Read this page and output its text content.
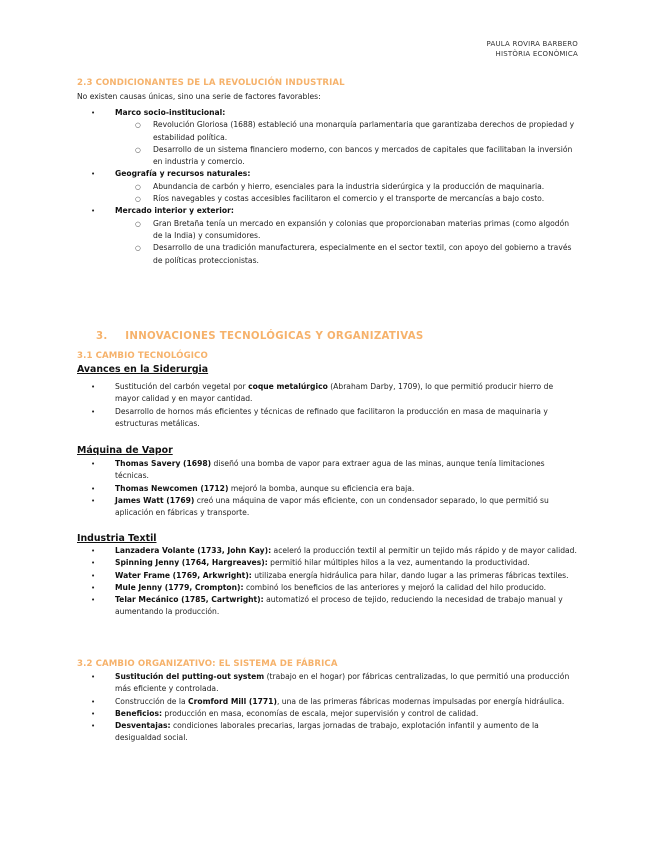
PAULA ROVIRA BARBERO
HISTÒRIA ECONÒMICA
2.3 CONDICIONANTES DE LA REVOLUCIÓN INDUSTRIAL
No existen causas únicas, sino una serie de factores favorables:
• Marco socio-institucional:
○ Revolución Gloriosa (1688) estableció una monarquía parlamentaria que garantizaba derechos de propiedad y estabilidad política.
○ Desarrollo de un sistema financiero moderno, con bancos y mercados de capitales que facilitaban la inversión en industria y comercio.
• Geografía y recursos naturales:
○ Abundancia de carbón y hierro, esenciales para la industria siderúrgica y la producción de maquinaria.
○ Ríos navegables y costas accesibles facilitaron el comercio y el transporte de mercancías a bajo costo.
• Mercado interior y exterior:
○ Gran Bretaña tenía un mercado en expansión y colonias que proporcionaban materias primas (como algodón de la India) y consumidores.
○ Desarrollo de una tradición manufacturera, especialmente en el sector textil, con apoyo del gobierno a través de políticas proteccionistas.
3. INNOVACIONES TECNOLÓGICAS Y ORGANIZATIVAS
3.1 CAMBIO TECNOLÓGICO
Avances en la Siderurgia
• Sustitución del carbón vegetal por coque metalúrgico (Abraham Darby, 1709), lo que permitió producir hierro de mayor calidad y en mayor cantidad.
• Desarrollo de hornos más eficientes y técnicas de refinado que facilitaron la producción en masa de maquinaria y estructuras metálicas.
Máquina de Vapor
• Thomas Savery (1698) diseñó una bomba de vapor para extraer agua de las minas, aunque tenía limitaciones técnicas.
• Thomas Newcomen (1712) mejoró la bomba, aunque su eficiencia era baja.
• James Watt (1769) creó una máquina de vapor más eficiente, con un condensador separado, lo que permitió su aplicación en fábricas y transporte.
Industria Textil
• Lanzadera Volante (1733, John Kay): aceleró la producción textil al permitir un tejido más rápido y de mayor calidad.
• Spinning Jenny (1764, Hargreaves): permitió hilar múltiples hilos a la vez, aumentando la productividad.
• Water Frame (1769, Arkwright): utilizaba energía hidráulica para hilar, dando lugar a las primeras fábricas textiles.
• Mule Jenny (1779, Crompton): combinó los beneficios de las anteriores y mejoró la calidad del hilo producido.
• Telar Mecánico (1785, Cartwright): automatizó el proceso de tejido, reduciendo la necesidad de trabajo manual y aumentando la producción.
3.2 CAMBIO ORGANIZATIVO: EL SISTEMA DE FÁBRICA
• Sustitución del putting-out system (trabajo en el hogar) por fábricas centralizadas, lo que permitió una producción más eficiente y controlada.
• Construcción de la Cromford Mill (1771), una de las primeras fábricas modernas impulsadas por energía hidráulica.
• Beneficios: producción en masa, economías de escala, mejor supervisión y control de calidad.
• Desventajas: condiciones laborales precarias, largas jornadas de trabajo, explotación infantil y aumento de la desigualdad social.
